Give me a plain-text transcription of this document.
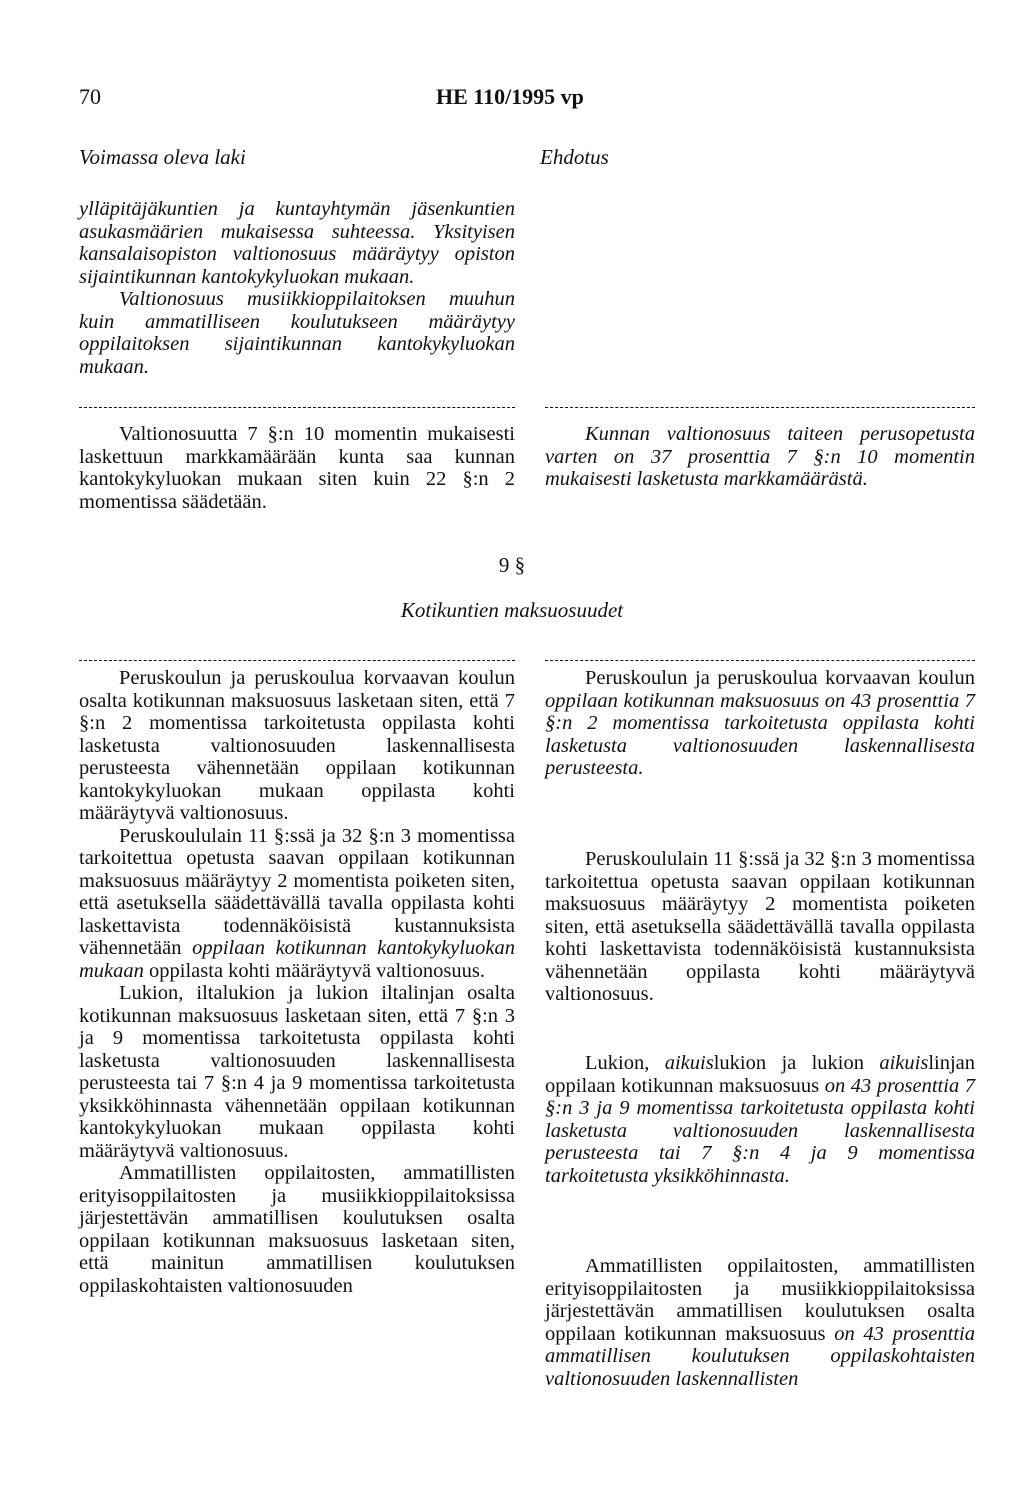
70	HE 110/1995 vp
Voimassa oleva laki	Ehdotus

ylläpitäjäkuntien ja kuntayhtymän jäsenkuntien asukasmäärien mukaisessa suhteessa. Yksityisen kansalaisopiston valtionosuus määräytyy opiston sijaintikunnan kantokykyluokan mukaan.

Valtionosuus musiikkioppilaitoksen muuhun kuin ammatilliseen koulutukseen määräytyy oppilaitoksen sijaintikunnan kantokykyluokan mukaan.

Valtionosuutta 7 §:n 10 momentin mukaisesti laskettuun markkamäärään kunta saa kunnan kantokykyluokan mukaan siten kuin 22 §:n 2 momentissa säädetään.

Kunnan valtionosuus taiteen perusopetusta varten on 37 prosenttia 7 §:n 10 momentin mukaisesti lasketusta markkamäärästä.

9 §
Kotikuntien maksuosuudet

Peruskoulun ja peruskoulua korvaavan koulun osalta kotikunnan maksuosuus lasketaan siten, että 7 §:n 2 momentissa tarkoitetusta oppilasta kohti lasketusta valtionosuuden laskennallisesta perusteesta vähennetään oppilaan kotikunnan kantokykyluokan mukaan oppilasta kohti määräytyvä valtionosuus.

Peruskoululain 11 §:ssä ja 32 §:n 3 momentissa tarkoitettua opetusta saavan oppilaan kotikunnan maksuosuus määräytyy 2 momentista poiketen siten, että asetuksella säädettävällä tavalla oppilasta kohti laskettavista todennäköisistä kustannuksista vähennetään oppilaan kotikunnan kantokykyluokan mukaan oppilasta kohti määräytyvä valtionosuus.

Lukion, iltalukion ja lukion iltalinjan osalta kotikunnan maksuosuus lasketaan siten, että 7 §:n 3 ja 9 momentissa tarkoitetusta oppilasta kohti lasketusta valtionosuuden laskennallisesta perusteesta tai 7 §:n 4 ja 9 momentissa tarkoitetusta yksikköhinnasta vähennetään oppilaan kotikunnan kantokykyluokan mukaan oppilasta kohti määräytyvä valtionosuus.

Ammatillisten oppilaitosten, ammatillisten erityisoppilaitosten ja musiikkioppilaitoksissa järjestettävän ammatillisen koulutuksen osalta oppilaan kotikunnan maksuosuus lasketaan siten, että mainitun ammatillisen koulutuksen oppilaskohtaisten valtionosuuden

Peruskoulun ja peruskoulua korvaavan koulun oppilaan kotikunnan maksuosuus on 43 prosenttia 7 §:n 2 momentissa tarkoitetusta oppilasta kohti lasketusta valtionosuuden laskennallisesta perusteesta.

Peruskoululain 11 §:ssä ja 32 §:n 3 momentissa tarkoitettua opetusta saavan oppilaan kotikunnan maksuosuus määräytyy 2 momentista poiketen siten, että asetuksella säädettävällä tavalla oppilasta kohti laskettavista todennäköisistä kustannuksista vähennetään oppilasta kohti määräytyvä valtionosuus.

Lukion, aikuislukion ja lukion aikuislinjan oppilaan kotikunnan maksuosuus on 43 prosenttia 7 §:n 3 ja 9 momentissa tarkoitetusta oppilasta kohti lasketusta valtionosuuden laskennallisesta perusteesta tai 7 §:n 4 ja 9 momentissa tarkoitetusta yksikköhinnasta.

Ammatillisten oppilaitosten, ammatillisten erityisoppilaitosten ja musiikkioppilaitoksissa järjestettävän ammatillisen koulutuksen osalta oppilaan kotikunnan maksuosuus on 43 prosenttia ammatillisen koulutuksen oppilaskohtaisten valtionosuuden laskennallisten
